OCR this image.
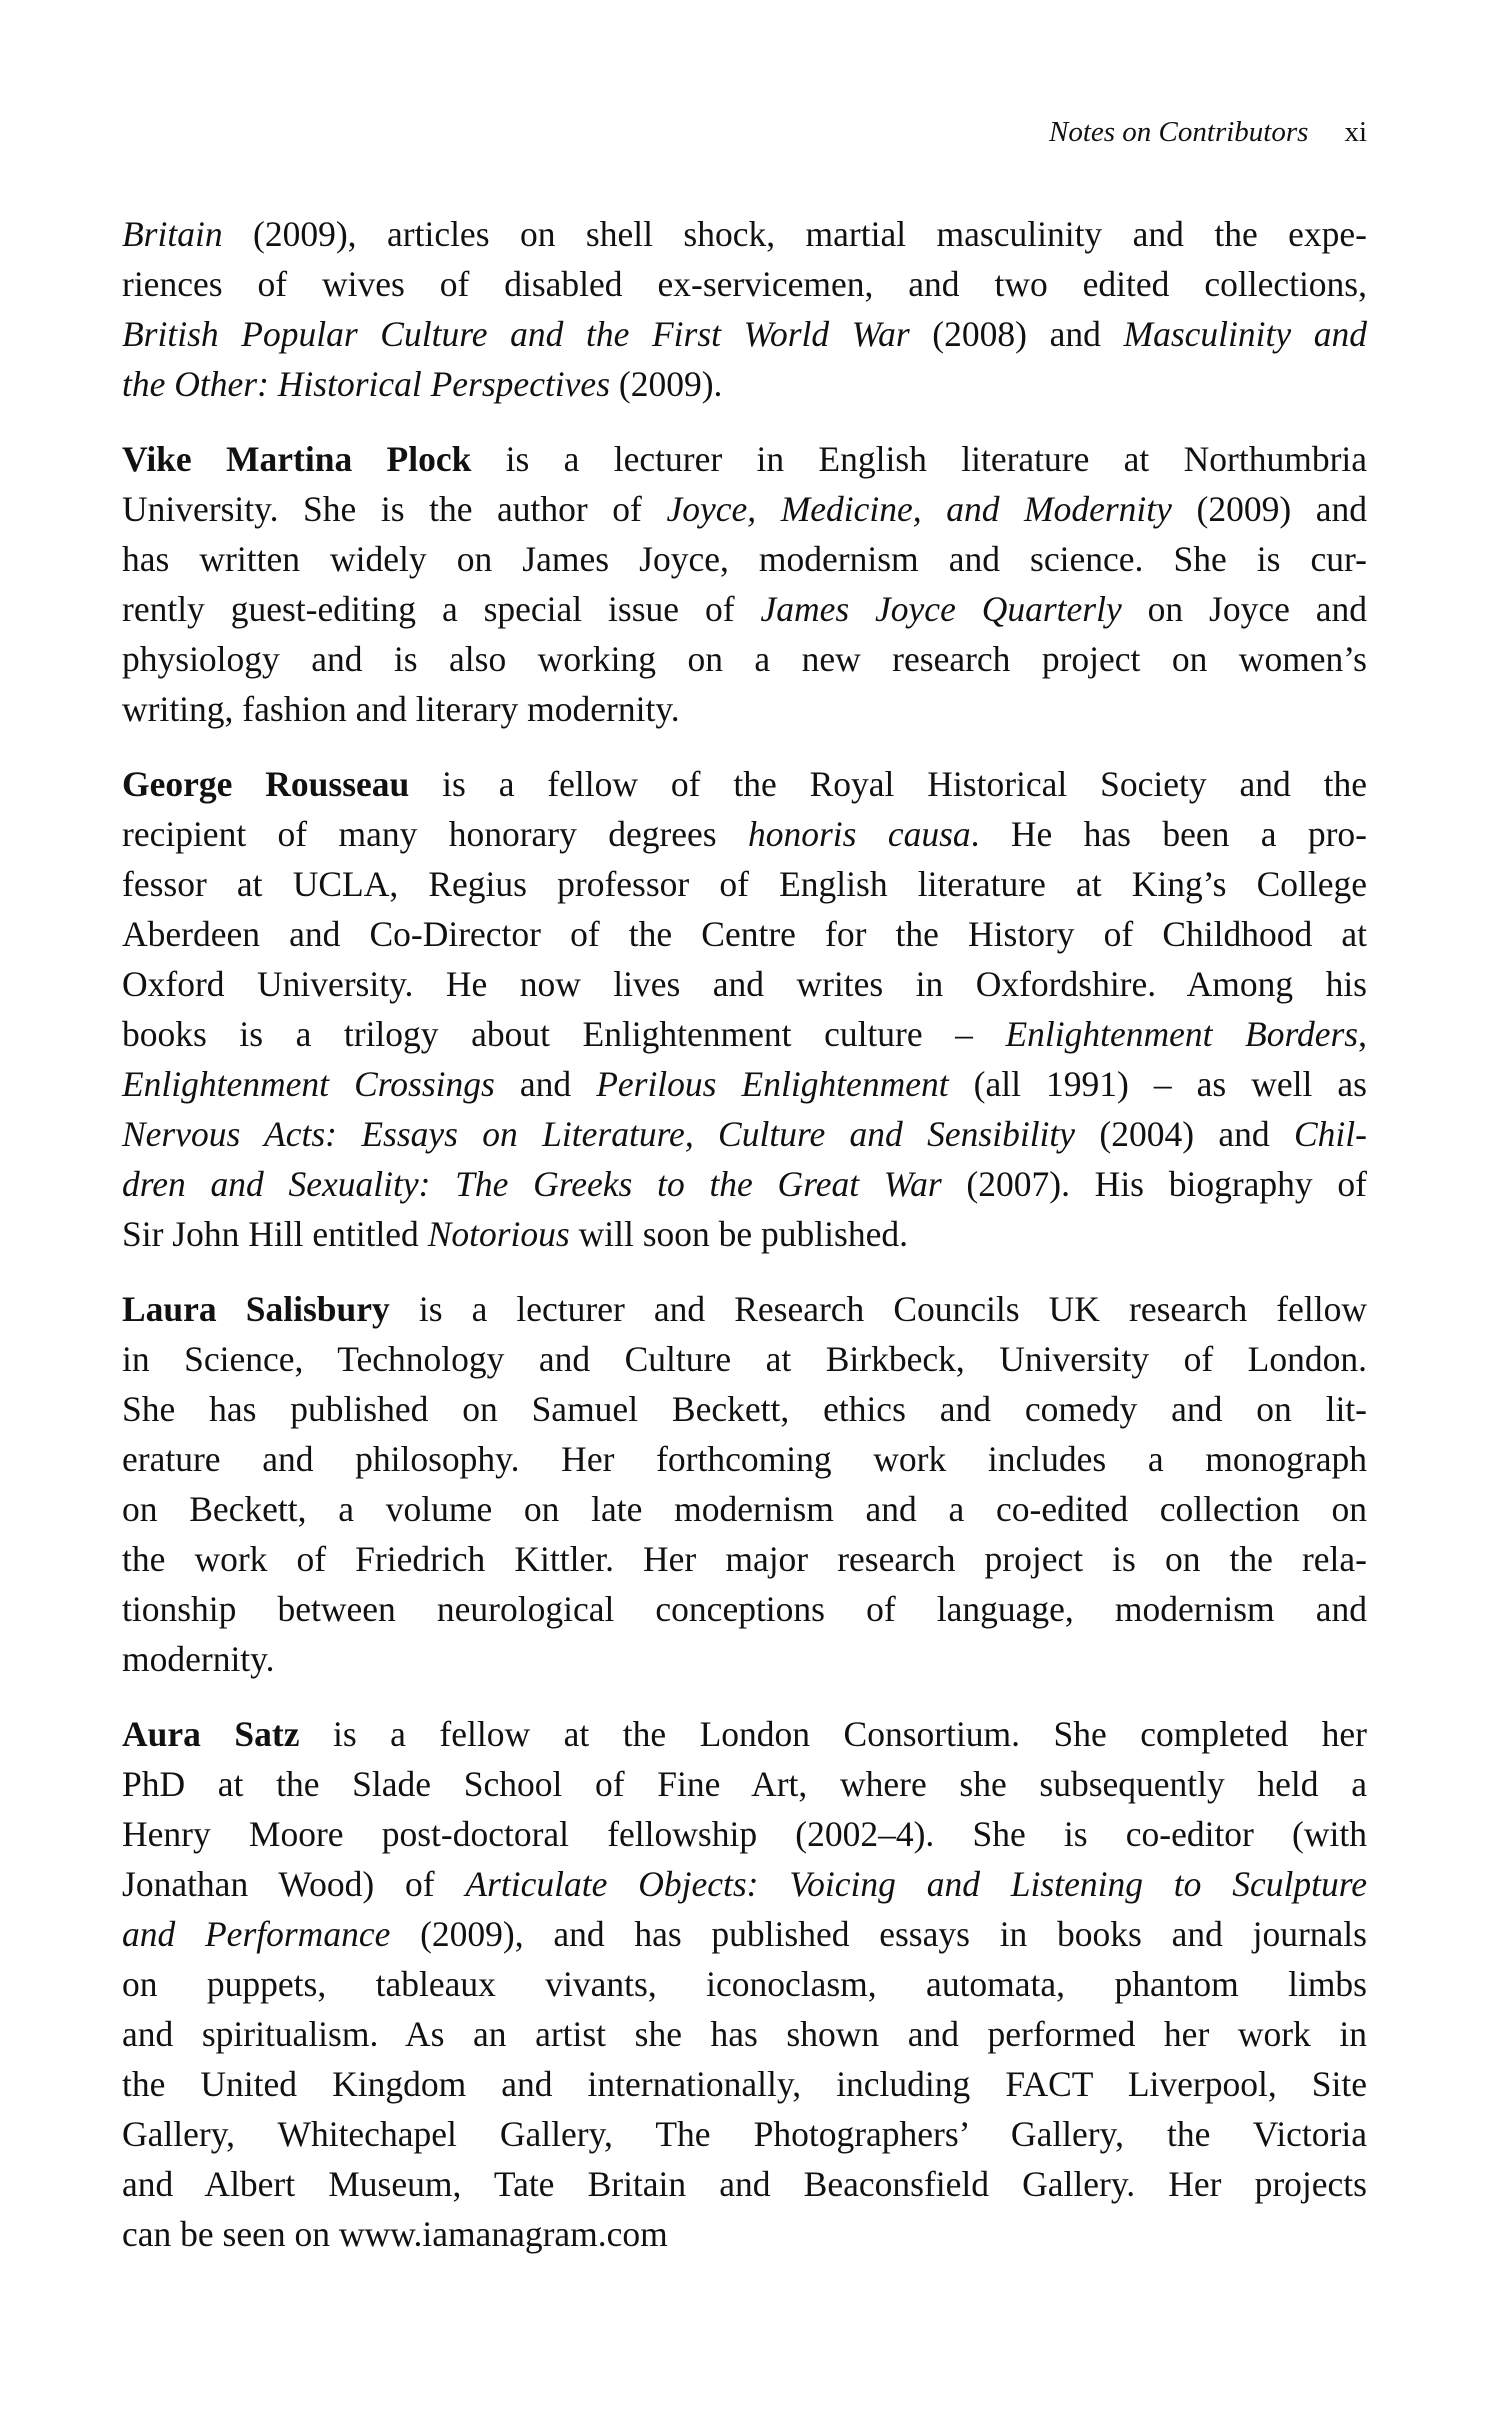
Notes on Contributors xi
Britain (2009), articles on shell shock, martial masculinity and the expe-
riences of wives of disabled ex-servicemen, and two edited collections,
British Popular Culture and the First World War (2008) and Masculinity and
the Other: Historical Perspectives (2009).
Vike Martina Plock is a lecturer in English literature at Northumbria
University. She is the author of Joyce, Medicine, and Modernity (2009) and
has written widely on James Joyce, modernism and science. She is cur-
rently guest-editing a special issue of James Joyce Quarterly on Joyce and
physiology and is also working on a new research project on women’s
writing, fashion and literary modernity.
George Rousseau is a fellow of the Royal Historical Society and the
recipient of many honorary degrees honoris causa. He has been a pro-
fessor at UCLA, Regius professor of English literature at King’s College
Aberdeen and Co-Director of the Centre for the History of Childhood at
Oxford University. He now lives and writes in Oxfordshire. Among his
books is a trilogy about Enlightenment culture – Enlightenment Borders,
Enlightenment Crossings and Perilous Enlightenment (all 1991) – as well as
Nervous Acts: Essays on Literature, Culture and Sensibility (2004) and Chil-
dren and Sexuality: The Greeks to the Great War (2007). His biography of
Sir John Hill entitled Notorious will soon be published.
Laura Salisbury is a lecturer and Research Councils UK research fellow
in Science, Technology and Culture at Birkbeck, University of London.
She has published on Samuel Beckett, ethics and comedy and on lit-
erature and philosophy. Her forthcoming work includes a monograph
on Beckett, a volume on late modernism and a co-edited collection on
the work of Friedrich Kittler. Her major research project is on the rela-
tionship between neurological conceptions of language, modernism and
modernity.
Aura Satz is a fellow at the London Consortium. She completed her
PhD at the Slade School of Fine Art, where she subsequently held a
Henry Moore post-doctoral fellowship (2002–4). She is co-editor (with
Jonathan Wood) of Articulate Objects: Voicing and Listening to Sculpture
and Performance (2009), and has published essays in books and journals
on puppets, tableaux vivants, iconoclasm, automata, phantom limbs
and spiritualism. As an artist she has shown and performed her work in
the United Kingdom and internationally, including FACT Liverpool, Site
Gallery, Whitechapel Gallery, The Photographers’ Gallery, the Victoria
and Albert Museum, Tate Britain and Beaconsfield Gallery. Her projects
can be seen on www.iamanagram.com
